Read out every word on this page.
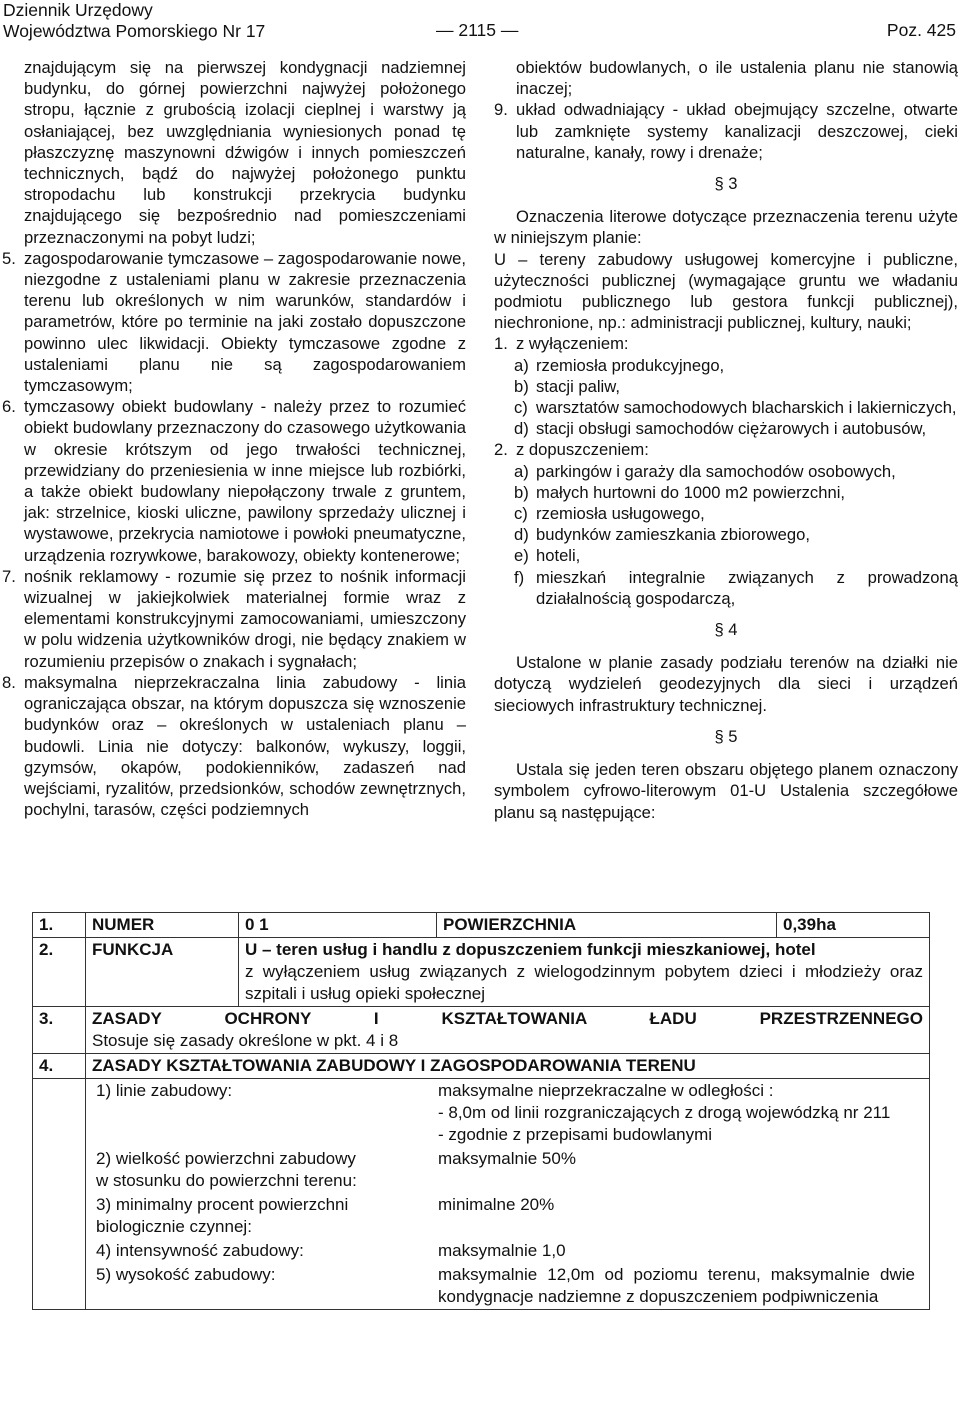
Dziennik Urzędowy
Województwa Pomorskiego Nr 17	— 2115 —	Poz. 425

znajdującym się na pierwszej kondygnacji nadziemnej budynku, do górnej powierzchni najwyżej położonego stropu, łącznie z grubością izolacji cieplnej i warstwy ją osłaniającej, bez uwzględniania wyniesionych ponad tę płaszczyznę maszynowni dźwigów i innych pomieszczeń technicznych, bądź do najwyżej położonego punktu stropodachu lub konstrukcji przekrycia budynku znajdującego się bezpośrednio nad pomieszczeniami przeznaczonymi na pobyt ludzi;

5. zagospodarowanie tymczasowe – zagospodarowanie nowe, niezgodne z ustaleniami planu w zakresie przeznaczenia terenu lub określonych w nim warunków, standardów i parametrów, które po terminie na jaki zostało dopuszczone powinno ulec likwidacji. Obiekty tymczasowe zgodne z ustaleniami planu nie są zagospodarowaniem tymczasowym;
6. tymczasowy obiekt budowlany - należy przez to rozumieć obiekt budowlany przeznaczony do czasowego użytkowania w okresie krótszym od jego trwałości technicznej, przewidziany do przeniesienia w inne miejsce lub rozbiórki, a także obiekt budowlany niepołączony trwale z gruntem, jak: strzelnice, kioski uliczne, pawilony sprzedaży ulicznej i wystawowe, przekrycia namiotowe i powłoki pneumatyczne, urządzenia rozrywkowe, barakowozy, obiekty kontenerowe;
7. nośnik reklamowy - rozumie się przez to nośnik informacji wizualnej w jakiejkolwiek materialnej formie wraz z elementami konstrukcyjnymi zamocowaniami, umieszczony w polu widzenia użytkowników drogi, nie będący znakiem w rozumieniu przepisów o znakach i sygnałach;
8. maksymalna nieprzekraczalna linia zabudowy - linia ograniczająca obszar, na którym dopuszcza się wznoszenie budynków oraz – określonych w ustaleniach planu – budowli. Linia nie dotyczy: balkonów, wykuszy, loggii, gzymsów, okapów, podokienników, zadaszeń nad wejściami, ryzalitów, przedsionków, schodów zewnętrznych, pochylni, tarasów, części podziemnych

obiektów budowlanych, o ile ustalenia planu nie stanowią inaczej;

9. układ odwadniający - układ obejmujący szczelne, otwarte lub zamknięte systemy kanalizacji deszczowej, cieki naturalne, kanały, rowy i drenaże;
§ 3

Oznaczenia literowe dotyczące przeznaczenia terenu użyte w niniejszym planie:

U – tereny zabudowy usługowej komercyjne i publiczne, użyteczności publicznej (wymagające gruntu we władaniu podmiotu publicznego lub gestora funkcji publicznej), niechronione, np.: administracji publicznej, kultury, nauki;

1. z wyłączeniem:
a) rzemiosła produkcyjnego,
b) stacji paliw,
c) warsztatów samochodowych blacharskich i lakierniczych,
d) stacji obsługi samochodów ciężarowych i autobusów,
2. z dopuszczeniem:
a) parkingów i garaży dla samochodów osobowych,
b) małych hurtowni do 1000 m2 powierzchni,
c) rzemiosła usługowego,
d) budynków zamieszkania zbiorowego,
e) hoteli,
f) mieszkań integralnie związanych z prowadzoną działalnością gospodarczą,
§ 4

Ustalone w planie zasady podziału terenów na działki nie dotyczą wydzieleń geodezyjnych dla sieci i urządzeń sieciowych infrastruktury technicznej.

§ 5

Ustala się jeden teren obszaru objętego planem oznaczony symbolem cyfrowo-literowym 01-U Ustalenia szczegółowe planu są następujące:

1.	NUMER	0 1	POWIERZCHNIA	0,39ha
2.	FUNKCJA	U – teren usług i handlu z dopuszczeniem funkcji mieszkaniowej, hotel
z wyłączeniem usług związanych z wielogodzinnym pobytem dzieci i młodzieży oraz szpitali i usług opieki społecznej

3.	ZASADY OCHRONY I KSZTAŁTOWANIA ŁADU PRZESTRZENNEGO
Stosuje się zasady określone w pkt. 4 i 8

4.	ZASADY KSZTAŁTOWANIA ZABUDOWY I ZAGOSPODAROWANIA TERENU

1) linie zabudowy:	maksymalne nieprzekraczalne w odległości :
- 8,0m od linii rozgraniczających z drogą wojewódzką nr 211
- zgodnie z przepisami budowlanymi

2) wielkość powierzchni zabudowy w stosunku do powierzchni terenu:	maksymalnie 50%
3) minimalny procent powierzchni biologicznie czynnej:	minimalne 20%
4) intensywność zabudowy:	maksymalnie 1,0
5) wysokość zabudowy:	maksymalnie 12,0m od poziomu terenu, maksymalnie dwie kondygnacje nadziemne z dopuszczeniem podpiwniczenia
